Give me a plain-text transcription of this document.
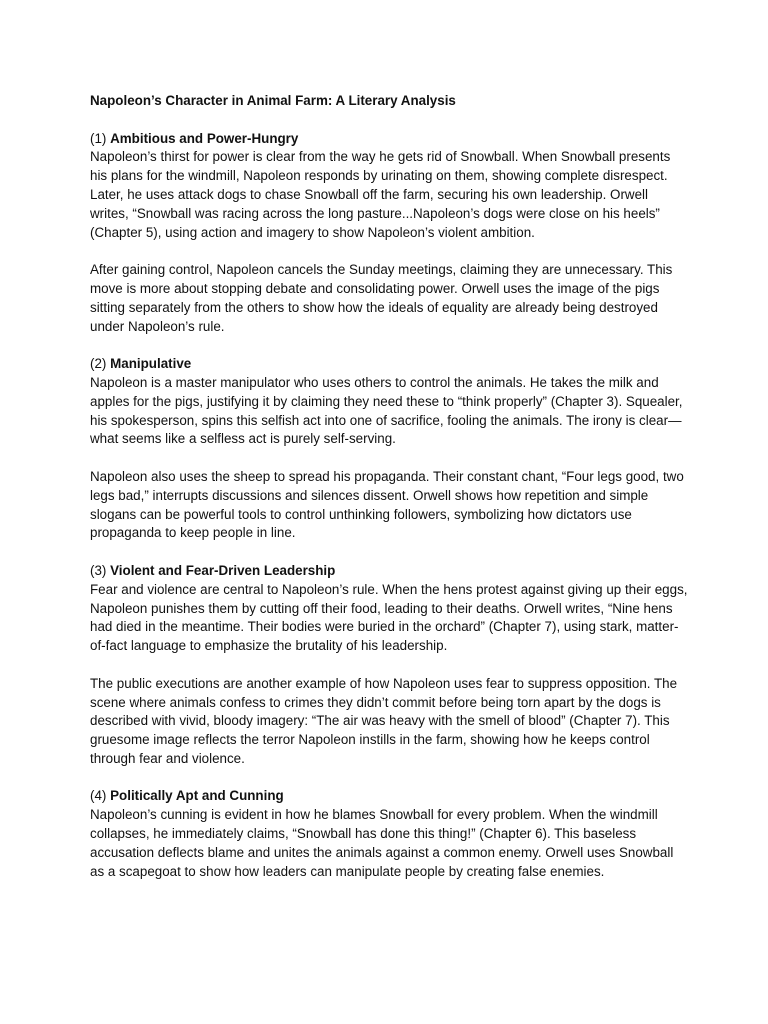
Napoleon’s Character in Animal Farm: A Literary Analysis

(1) Ambitious and Power-Hungry

Napoleon’s thirst for power is clear from the way he gets rid of Snowball. When Snowball presents his plans for the windmill, Napoleon responds by urinating on them, showing complete disrespect. Later, he uses attack dogs to chase Snowball off the farm, securing his own leadership. Orwell writes, “Snowball was racing across the long pasture...Napoleon’s dogs were close on his heels” (Chapter 5), using action and imagery to show Napoleon’s violent ambition.

After gaining control, Napoleon cancels the Sunday meetings, claiming they are unnecessary. This move is more about stopping debate and consolidating power. Orwell uses the image of the pigs sitting separately from the others to show how the ideals of equality are already being destroyed under Napoleon’s rule.

(2) Manipulative

Napoleon is a master manipulator who uses others to control the animals. He takes the milk and apples for the pigs, justifying it by claiming they need these to “think properly” (Chapter 3). Squealer, his spokesperson, spins this selfish act into one of sacrifice, fooling the animals. The irony is clear—what seems like a selfless act is purely self-serving.

Napoleon also uses the sheep to spread his propaganda. Their constant chant, “Four legs good, two legs bad,” interrupts discussions and silences dissent. Orwell shows how repetition and simple slogans can be powerful tools to control unthinking followers, symbolizing how dictators use propaganda to keep people in line.

(3) Violent and Fear-Driven Leadership

Fear and violence are central to Napoleon’s rule. When the hens protest against giving up their eggs, Napoleon punishes them by cutting off their food, leading to their deaths. Orwell writes, “Nine hens had died in the meantime. Their bodies were buried in the orchard” (Chapter 7), using stark, matter-of-fact language to emphasize the brutality of his leadership.

The public executions are another example of how Napoleon uses fear to suppress opposition. The scene where animals confess to crimes they didn’t commit before being torn apart by the dogs is described with vivid, bloody imagery: “The air was heavy with the smell of blood” (Chapter 7). This gruesome image reflects the terror Napoleon instills in the farm, showing how he keeps control through fear and violence.

(4) Politically Apt and Cunning

Napoleon’s cunning is evident in how he blames Snowball for every problem. When the windmill collapses, he immediately claims, “Snowball has done this thing!” (Chapter 6). This baseless accusation deflects blame and unites the animals against a common enemy. Orwell uses Snowball as a scapegoat to show how leaders can manipulate people by creating false enemies.
